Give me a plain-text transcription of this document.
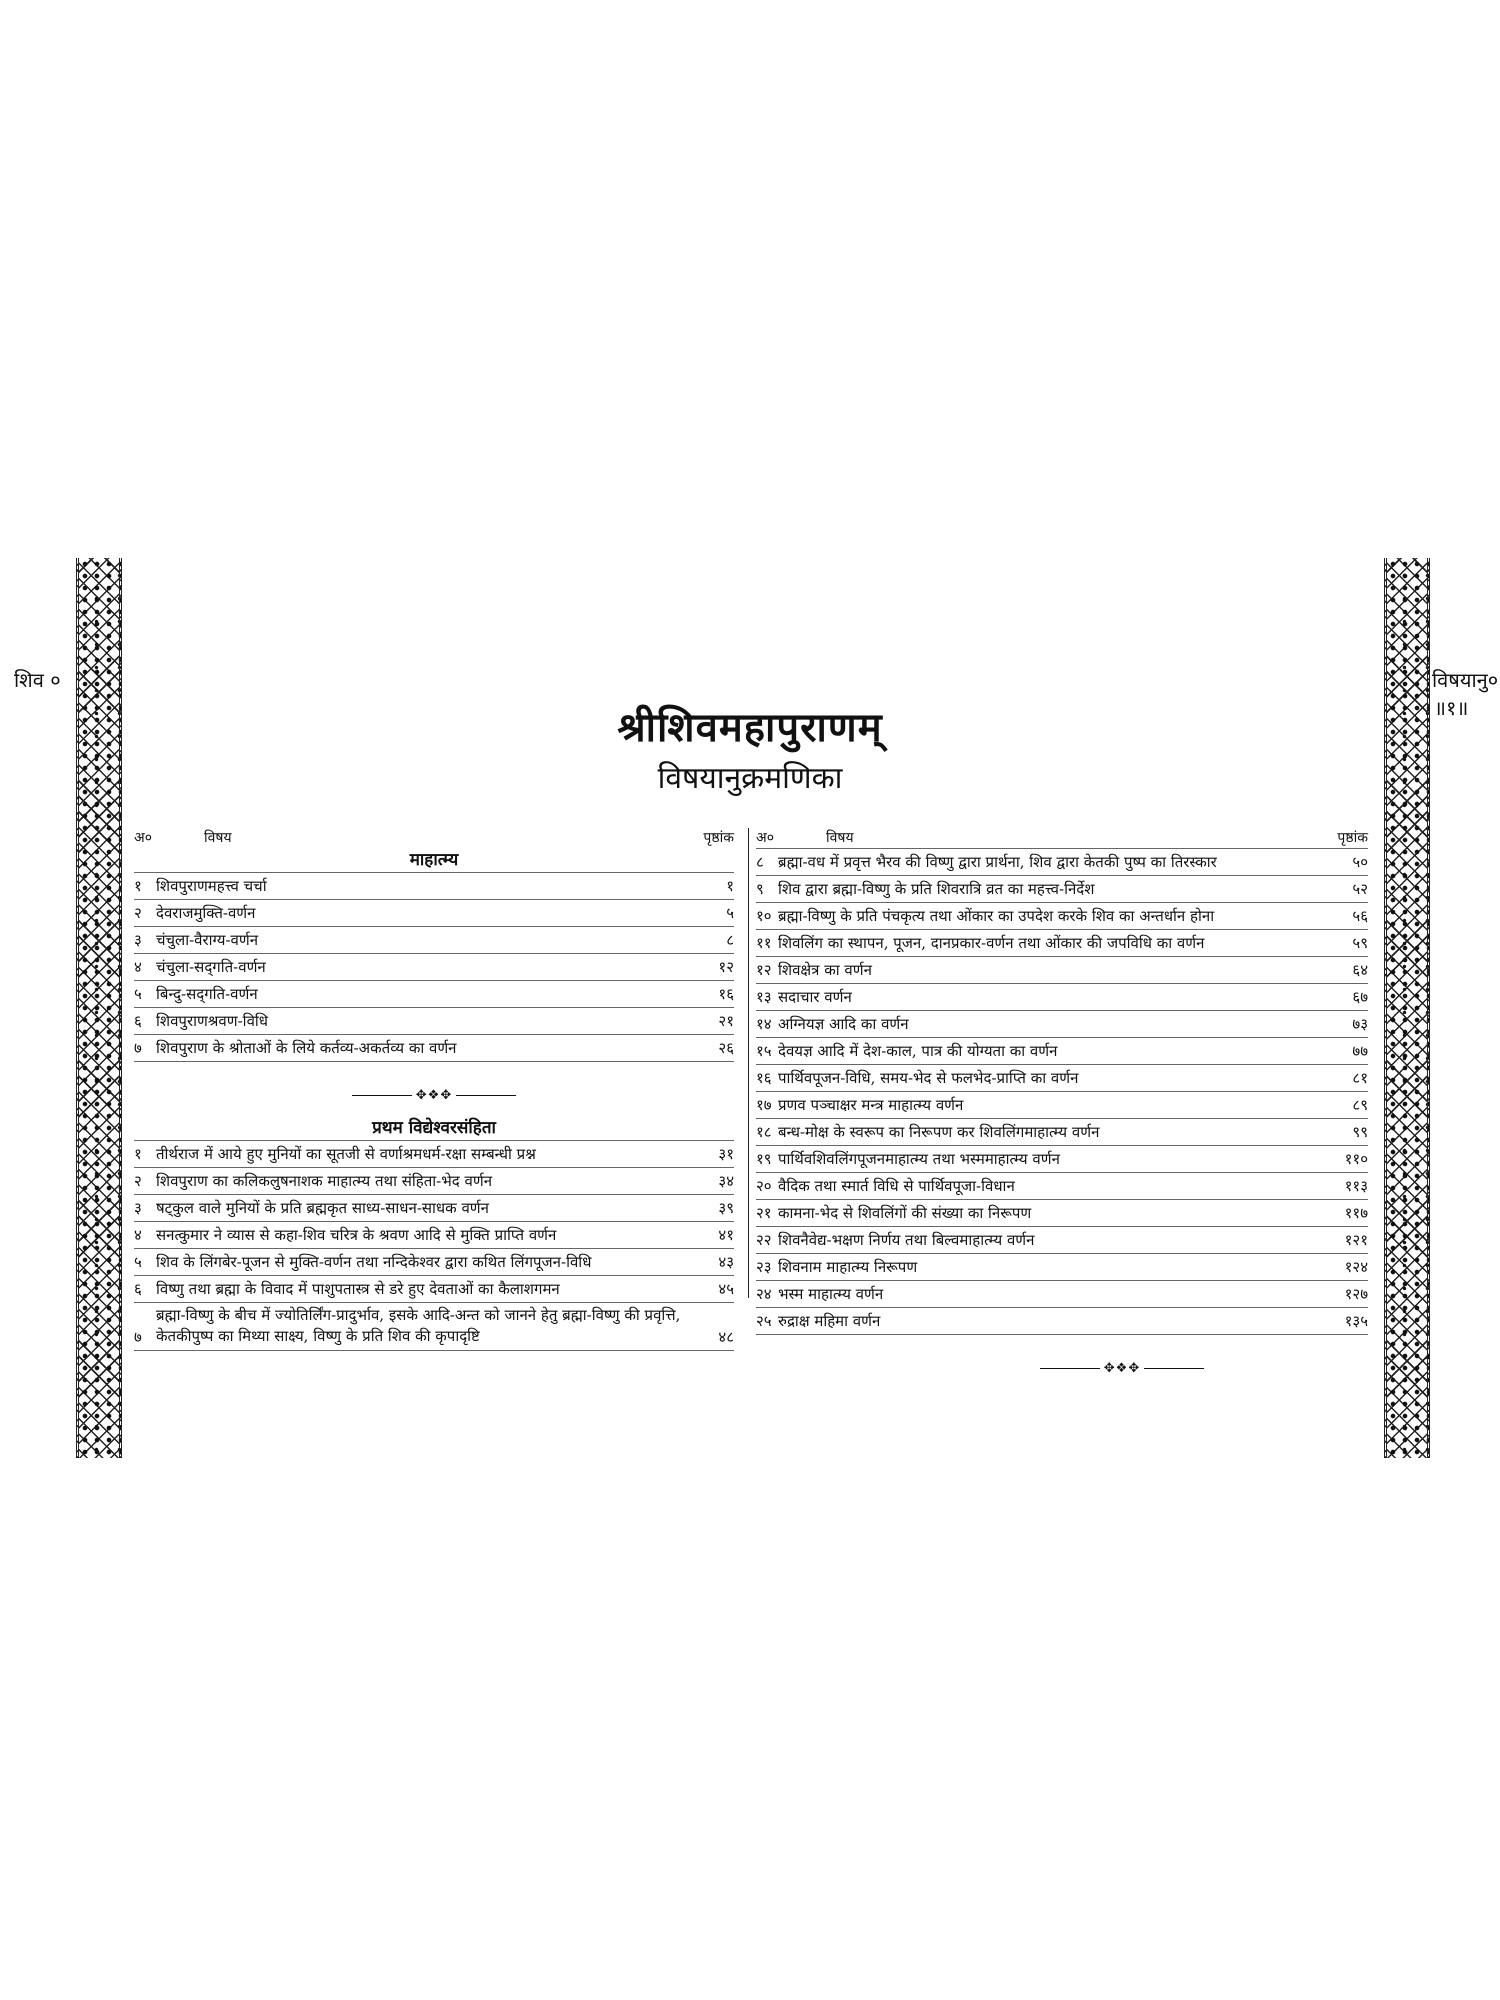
शिव ०	विषयानु०
॥१॥
श्रीशिवमहापुराणम्
विषयानुक्रमणिका
अ०	विषय	पृष्ठांक
माहात्म्य
१ शिवपुराणमहत्त्व चर्चा	१
२ देवराजमुक्ति-वर्णन	५
३ चंचुला-वैराग्य-वर्णन	८
४ चंचुला-सद्‌गति-वर्णन	१२
५ बिन्दु-सद्‌गति-वर्णन	१६
६ शिवपुराणश्रवण-विधि	२१
७ शिवपुराण के श्रोताओं के लिये कर्तव्य-अकर्तव्य का वर्णन	२६
✥❖✥
प्रथम विद्येश्वरसंहिता
१ तीर्थराज में आये हुए मुनियों का सूतजी से वर्णाश्रमधर्म-रक्षा सम्बन्धी प्रश्न	३१
२ शिवपुराण का कलिकलुषनाशक माहात्म्य तथा संहिता-भेद वर्णन	३४
३ षट्‌कुल वाले मुनियों के प्रति ब्रह्मकृत साध्य-साधन-साधक वर्णन	३९
४ सनत्कुमार ने व्यास से कहा-शिव चरित्र के श्रवण आदि से मुक्ति प्राप्ति वर्णन	४१
५ शिव के लिंगबेर-पूजन से मुक्ति-वर्णन तथा नन्दिकेश्वर द्वारा कथित लिंगपूजन-विधि	४३
६ विष्णु तथा ब्रह्मा के विवाद में पाशुपतास्त्र से डरे हुए देवताओं का कैलाशगमन	४५
७
ब्रह्मा-विष्णु के बीच में ज्योतिर्लिंग-प्रादुर्भाव, इसके आदि-अन्त को जानने हेतु ब्रह्मा-विष्णु की प्रवृत्ति, केतकीपुष्प का मिथ्या साक्ष्य, विष्णु के प्रति शिव की कृपादृष्टि	४८
अ०	विषय	पृष्ठांक
८ ब्रह्मा-वध में प्रवृत्त भैरव की विष्णु द्वारा प्रार्थना, शिव द्वारा केतकी पुष्प का तिरस्कार	५०
९ शिव द्वारा ब्रह्मा-विष्णु के प्रति शिवरात्रि व्रत का महत्त्व-निर्देश	५२
१० ब्रह्मा-विष्णु के प्रति पंचकृत्य तथा ओंकार का उपदेश करके शिव का अन्तर्धान होना	५६
११ शिवलिंग का स्थापन, पूजन, दानप्रकार-वर्णन तथा ओंकार की जपविधि का वर्णन	५९
१२ शिवक्षेत्र का वर्णन	६४
१३ सदाचार वर्णन	६७
१४ अग्नियज्ञ आदि का वर्णन	७३
१५ देवयज्ञ आदि में देश-काल, पात्र की योग्यता का वर्णन	७७
१६ पार्थिवपूजन-विधि, समय-भेद से फलभेद-प्राप्ति का वर्णन	८१
१७ प्रणव पञ्चाक्षर मन्त्र माहात्म्य वर्णन	८९
१८ बन्ध-मोक्ष के स्वरूप का निरूपण कर शिवलिंगमाहात्म्य वर्णन	९९
१९ पार्थिवशिवलिंगपूजनमाहात्म्य तथा भस्ममाहात्म्य वर्णन	११०
२० वैदिक तथा स्मार्त विधि से पार्थिवपूजा-विधान	११३
२१ कामना-भेद से शिवलिंगों की संख्या का निरूपण	११७
२२ शिवनैवेद्य-भक्षण निर्णय तथा बिल्वमाहात्म्य वर्णन	१२१
२३ शिवनाम माहात्म्य निरूपण	१२४
२४ भस्म माहात्म्य वर्णन	१२७
२५ रुद्राक्ष महिमा वर्णन	१३५
✥❖✥
